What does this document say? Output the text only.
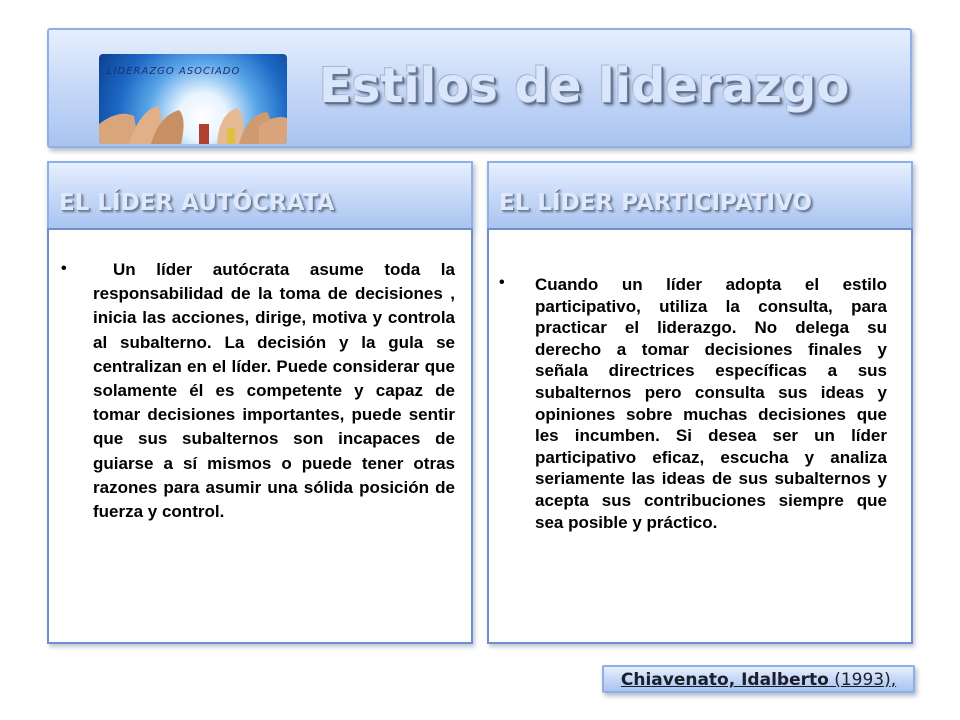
LIDERAZGO ASOCIADO Estilos de liderazgo
EL LÍDER AUTÓCRATA	EL LÍDER PARTICIPATIVO
•	Un líder autócrata asume toda la responsabilidad de la toma de decisiones , inicia las acciones, dirige, motiva y controla al subalterno. La decisión y la gula se centralizan en el líder. Puede considerar que solamente él es competente y capaz de tomar decisiones importantes, puede sentir que sus subalternos son incapaces de guiarse a sí mismos o puede tener otras razones para asumir una sólida posición de fuerza y control.
• Cuando un líder adopta el estilo participativo, utiliza la consulta, para practicar el liderazgo. No delega su derecho a tomar decisiones finales y señala directrices específicas a sus subalternos pero consulta sus ideas y opiniones sobre muchas decisiones que les incumben. Si desea ser un líder participativo eficaz, escucha y analiza seriamente las ideas de sus subalternos y acepta sus contribuciones siempre que sea posible y práctico.
Chiavenato, Idalberto (1993),
